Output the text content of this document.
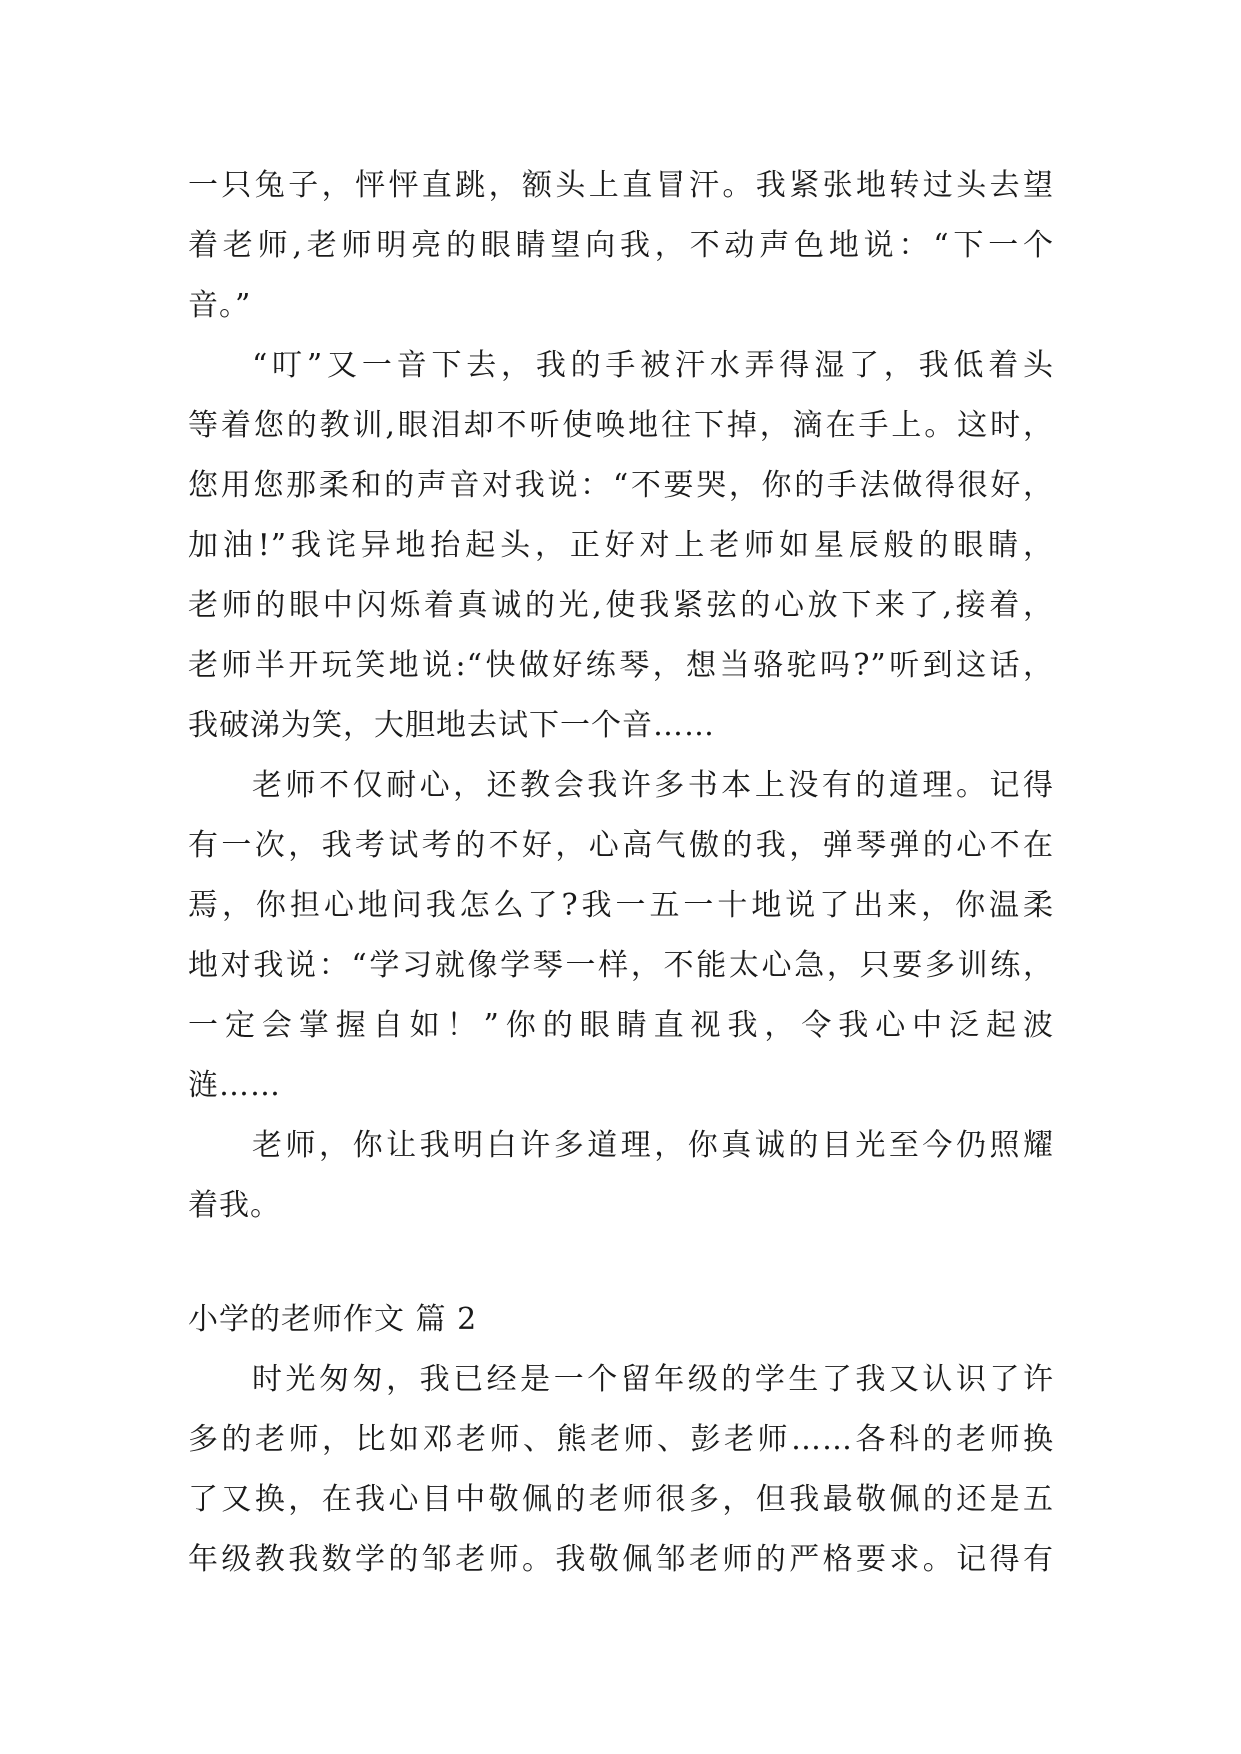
一只兔子，怦怦直跳，额头上直冒汗。我紧张地转过头去望
着老师,老师明亮的眼睛望向我，不动声色地说：“下一个
音。”
“叮”又一音下去，我的手被汗水弄得湿了，我低着头
等着您的教训,眼泪却不听使唤地往下掉，滴在手上。这时，
您用您那柔和的声音对我说：“不要哭，你的手法做得很好，
加油!”我诧异地抬起头，正好对上老师如星辰般的眼睛，
老师的眼中闪烁着真诚的光,使我紧弦的心放下来了,接着，
老师半开玩笑地说:“快做好练琴，想当骆驼吗?”听到这话，
我破涕为笑，大胆地去试下一个音……
老师不仅耐心，还教会我许多书本上没有的道理。记得
有一次，我考试考的不好，心高气傲的我，弹琴弹的心不在
焉，你担心地问我怎么了?我一五一十地说了出来，你温柔
地对我说：“学习就像学琴一样，不能太心急，只要多训练，
一定会掌握自如！”你的眼睛直视我，令我心中泛起波
涟……
老师，你让我明白许多道理，你真诚的目光至今仍照耀
着我。
小学的老师作文 篇 2
时光匆匆，我已经是一个留年级的学生了我又认识了许
多的老师，比如邓老师、熊老师、彭老师……各科的老师换
了又换，在我心目中敬佩的老师很多，但我最敬佩的还是五
年级教我数学的邹老师。我敬佩邹老师的严格要求。记得有
